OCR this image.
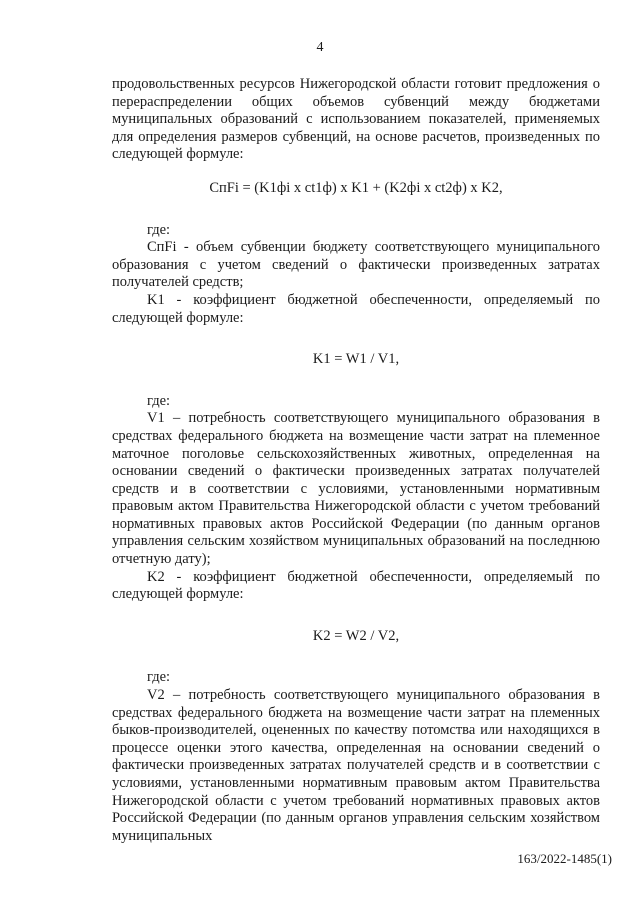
4

продовольственных ресурсов Нижегородской области готовит предложения о перераспределении общих объемов субвенций между бюджетами муниципальных образований с использованием показателей, применяемых для определения размеров субвенций, на основе расчетов, произведенных по следующей формуле:

CпFi = (K1фi x ct1ф) x K1 + (K2фi x ct2ф) x K2,

где:

CпFi - объем субвенции бюджету соответствующего муниципального образования с учетом сведений о фактически произведенных затратах получателей средств;

K1 - коэффициент бюджетной обеспеченности, определяемый по следующей формуле:

K1 = W1 / V1,

где:

V1 – потребность соответствующего муниципального образования в средствах федерального бюджета на возмещение части затрат на племенное маточное поголовье сельскохозяйственных животных, определенная на основании сведений о фактически произведенных затратах получателей средств и в соответствии с условиями, установленными нормативным правовым актом Правительства Нижегородской области с учетом требований нормативных правовых актов Российской Федерации (по данным органов управления сельским хозяйством муниципальных образований на последнюю отчетную дату);

K2 - коэффициент бюджетной обеспеченности, определяемый по следующей формуле:

K2 = W2 / V2,

где:

V2 – потребность соответствующего муниципального образования в средствах федерального бюджета на возмещение части затрат на племенных быков-производителей, оцененных по качеству потомства или находящихся в процессе оценки этого качества, определенная на основании сведений о фактически произведенных затратах получателей средств и в соответствии с условиями, установленными нормативным правовым актом Правительства Нижегородской области с учетом требований нормативных правовых актов Российской Федерации (по данным органов управления сельским хозяйством муниципальных

163/2022-1485(1)
